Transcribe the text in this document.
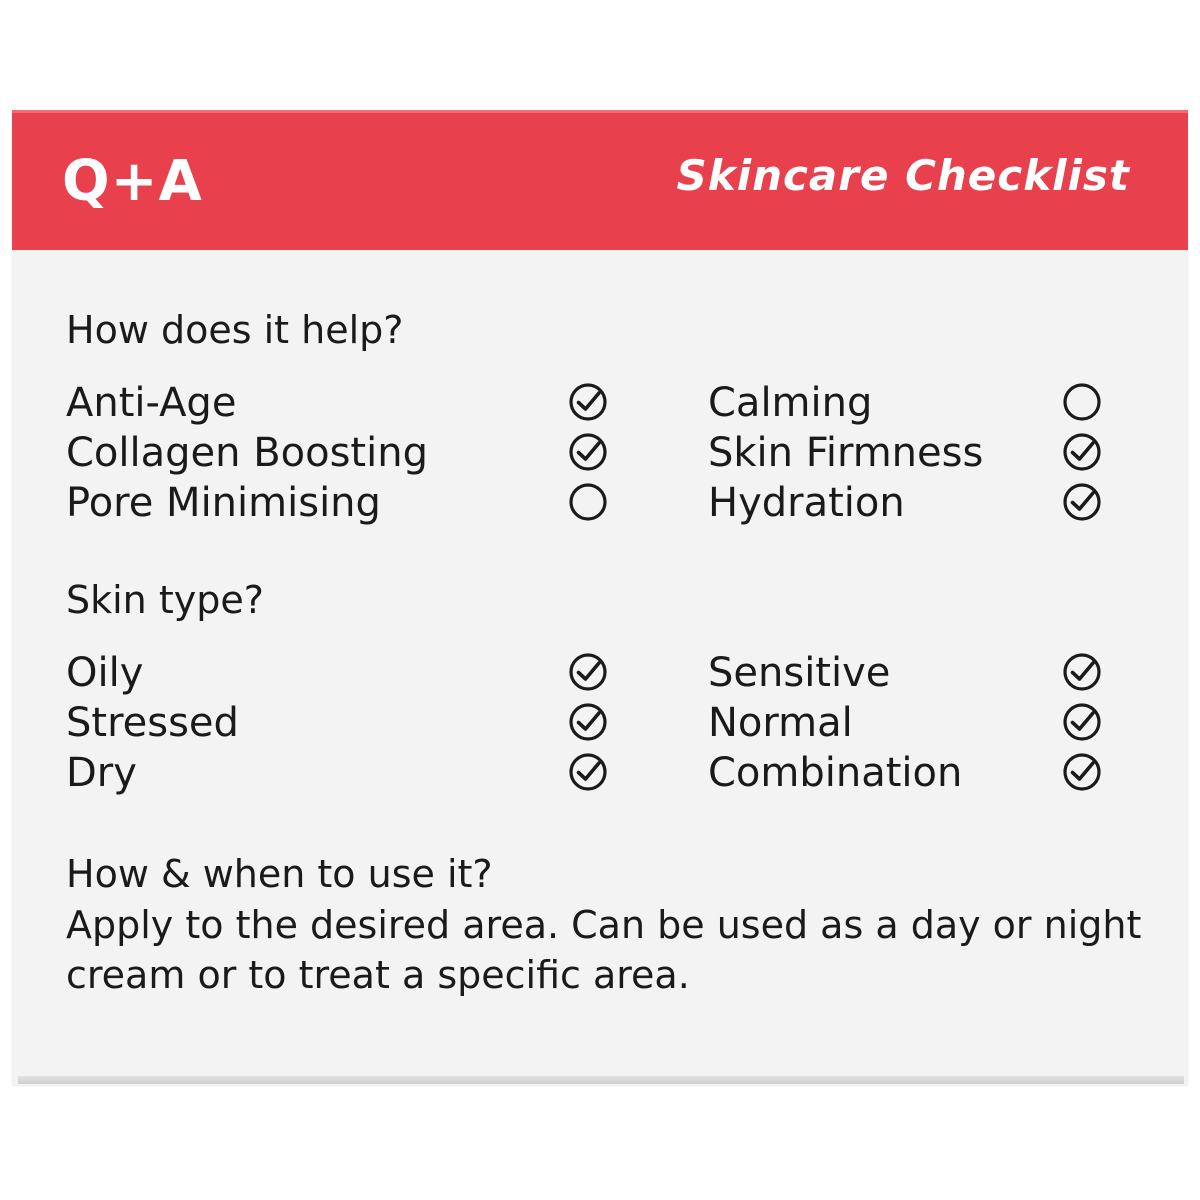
Q+A	Skincare Checklist
How does it help?
Anti-Age
Collagen Boosting
Pore Minimising
Calming
Skin Firmness
Hydration
Skin type?
Oily
Stressed
Dry
Sensitive
Normal
Combination
How & when to use it?
Apply to the desired area. Can be used as a day or night cream or to treat a specific area.
